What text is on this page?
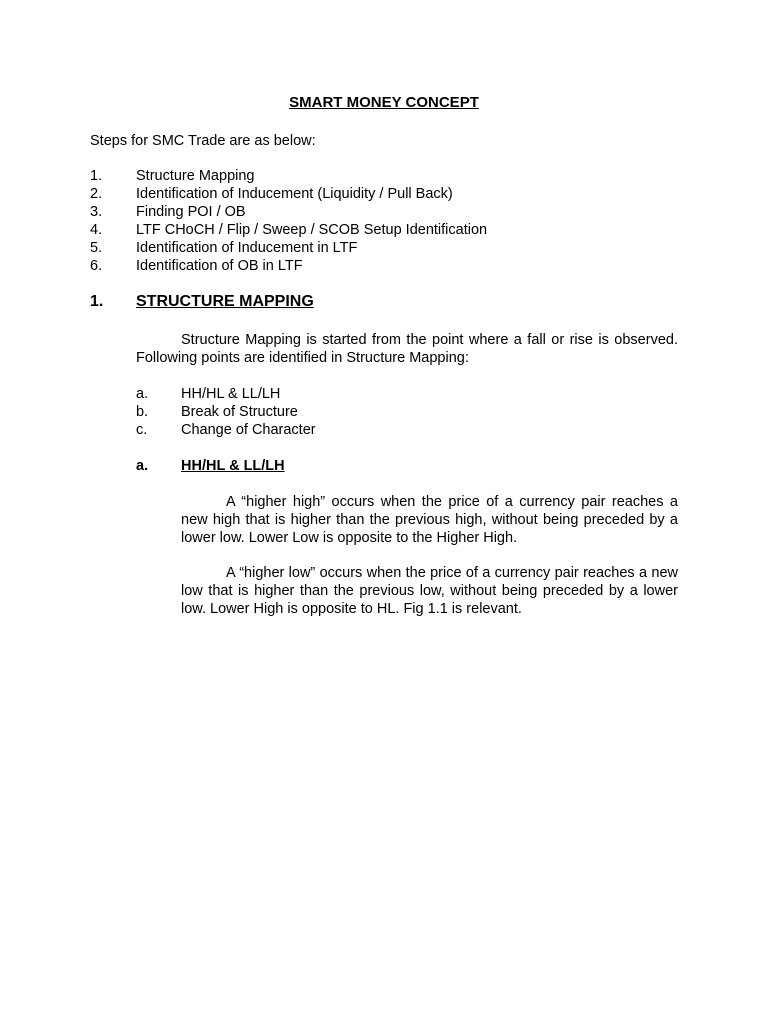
SMART MONEY CONCEPT
Steps for SMC Trade are as below:
1.	Structure Mapping
2.	Identification of Inducement (Liquidity / Pull Back)
3.	Finding POI / OB
4.	LTF CHoCH / Flip / Sweep / SCOB Setup Identification
5.	Identification of Inducement in LTF
6.	Identification of OB in LTF
1.	STRUCTURE MAPPING
Structure Mapping is started from the point where a fall or rise is observed. Following points are identified in Structure Mapping:
a.	HH/HL & LL/LH
b.	Break of Structure
c.	Change of Character
a.	HH/HL & LL/LH
A “higher high” occurs when the price of a currency pair reaches a new high that is higher than the previous high, without being preceded by a lower low. Lower Low is opposite to the Higher High.
A “higher low” occurs when the price of a currency pair reaches a new low that is higher than the previous low, without being preceded by a lower low. Lower High is opposite to HL. Fig 1.1 is relevant.
